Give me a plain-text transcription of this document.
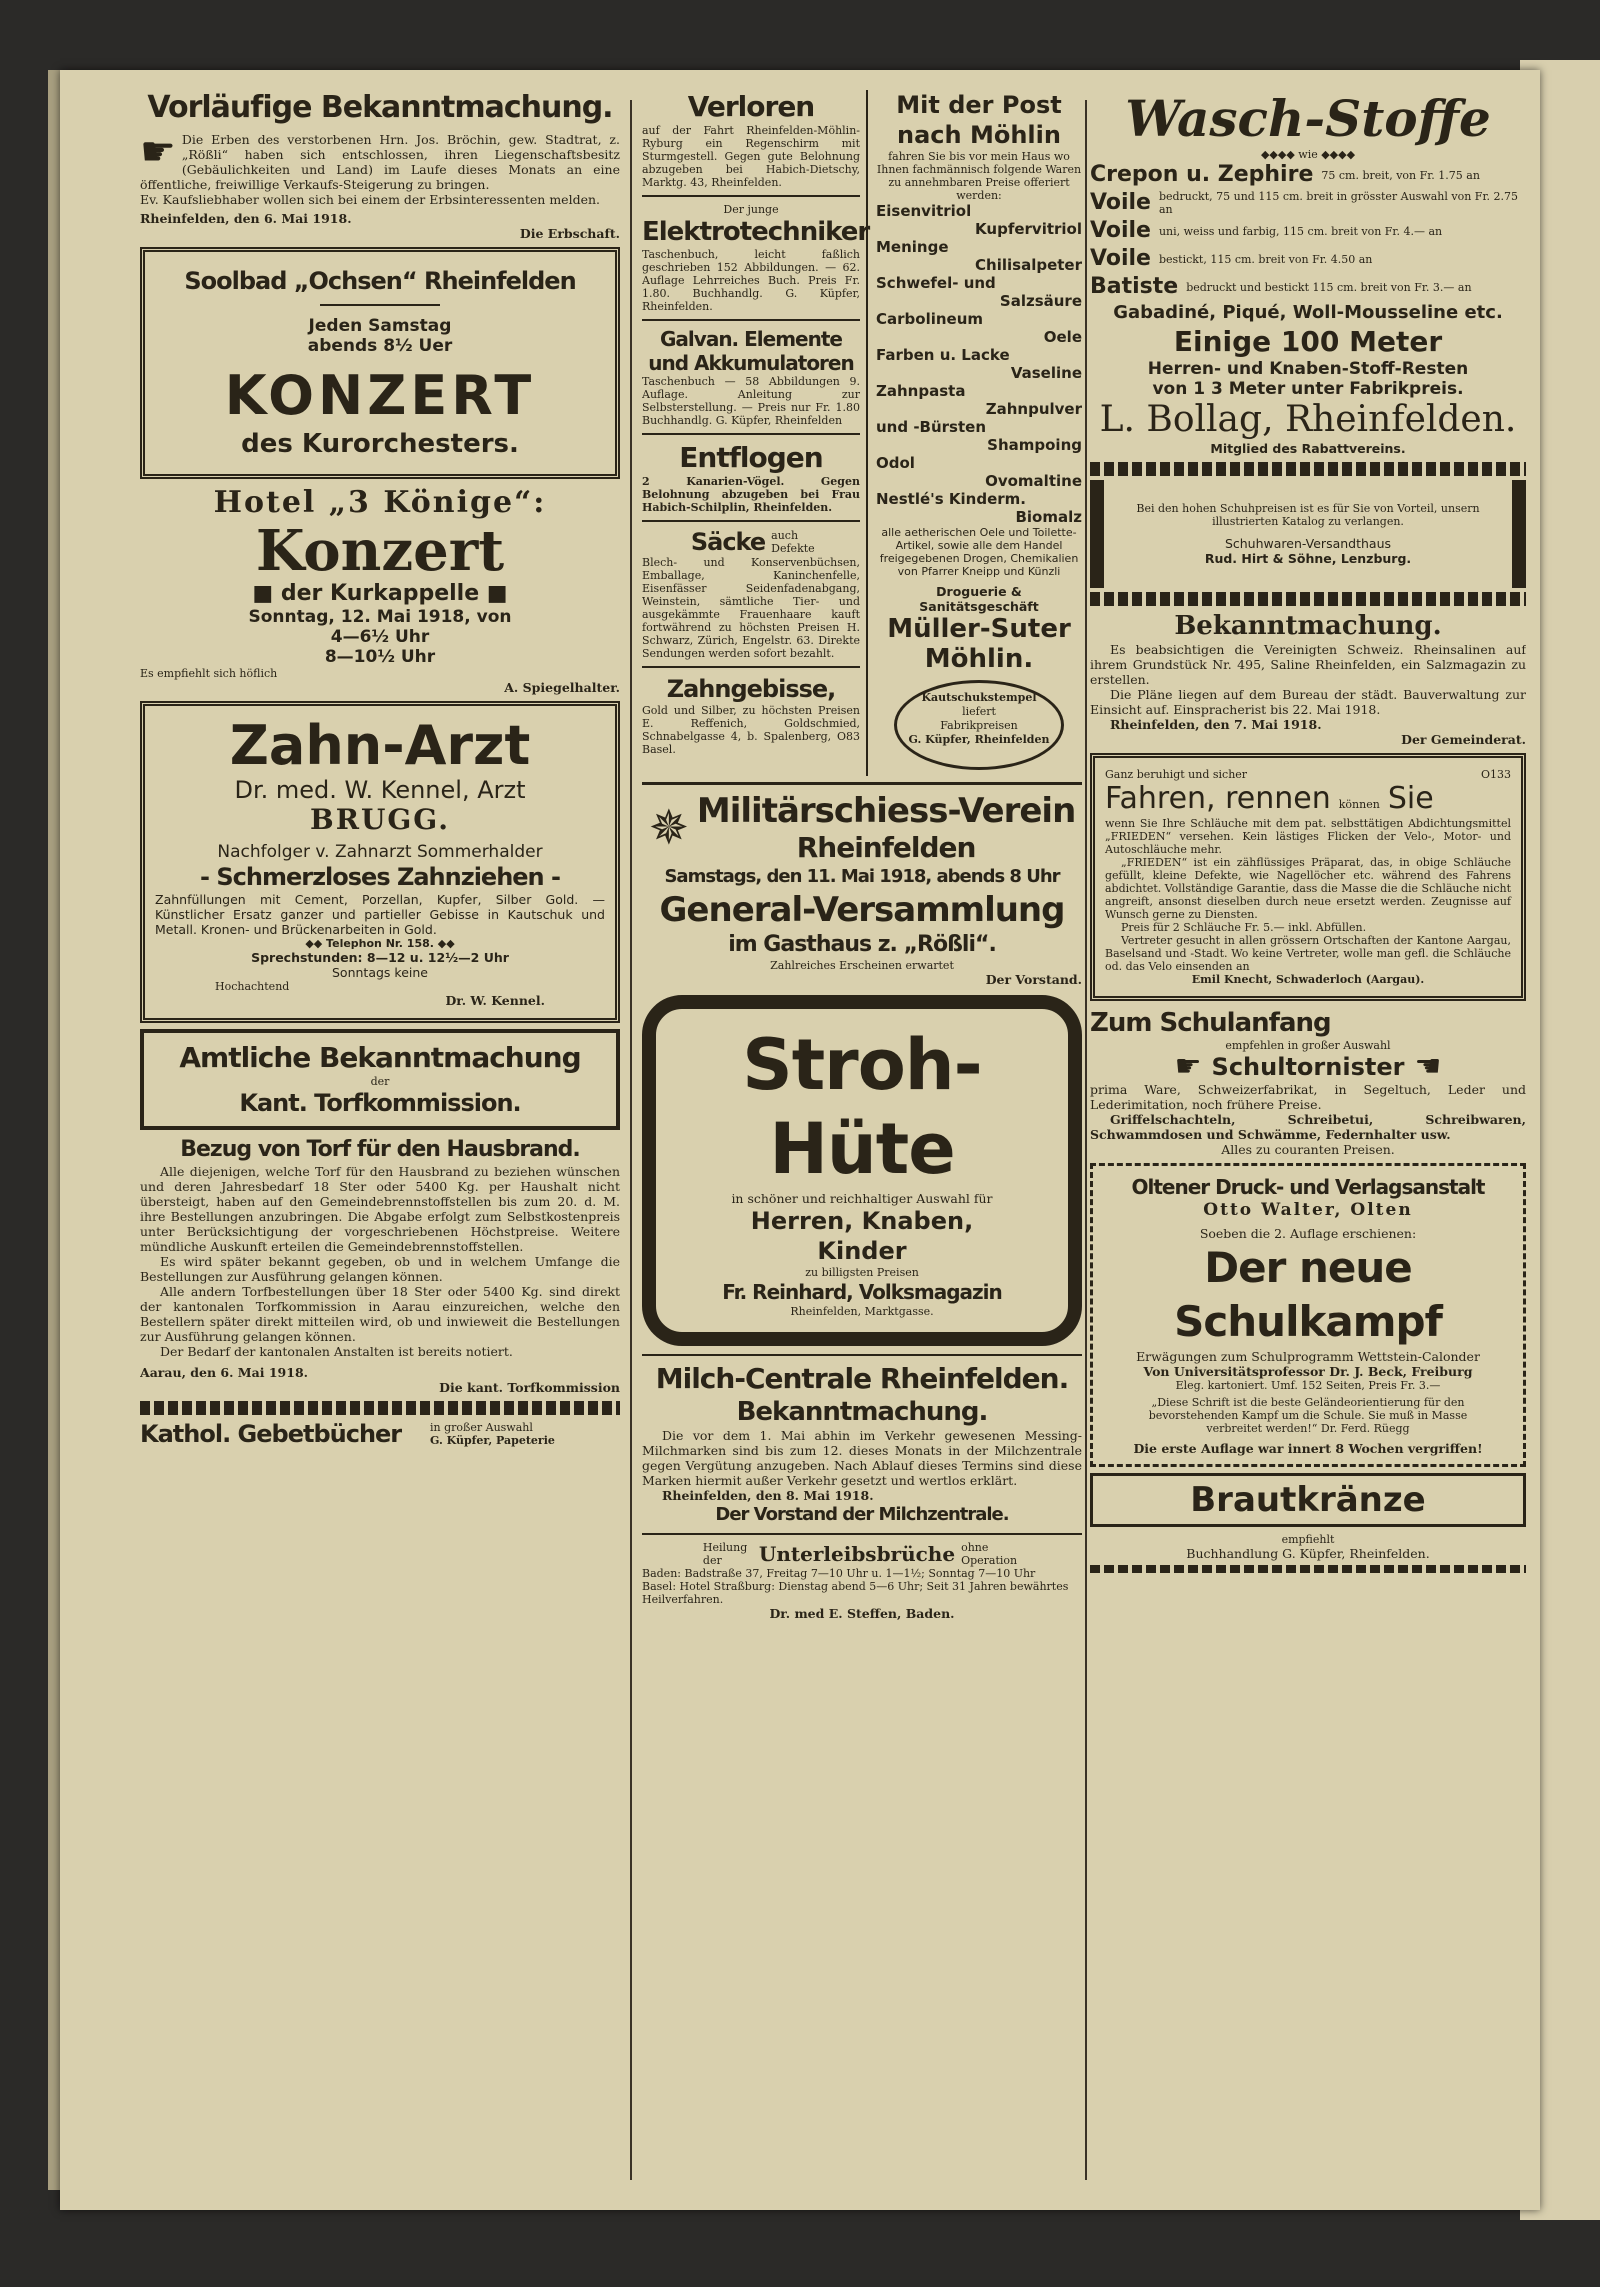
Vorläufige Bekanntmachung.
☛ Die Erben des verstorbenen Hrn. Jos. Bröchin, gew. Stadtrat, z. „Rößli“ haben sich entschlossen, ihren Liegenschaftsbesitz (Gebäulichkeiten und Land) im Laufe dieses Monats an eine öffentliche, freiwillige Verkaufs-Steigerung zu bringen.
Ev. Kaufsliebhaber wollen sich bei einem der Erbsinteressenten melden.
Rheinfelden, den 6. Mai 1918.
Die Erbschaft.
Soolbad „Ochsen“ Rheinfelden
Jeden Samstag
abends 8½ Uer
KONZERT
des Kurorchesters.
Hotel „3 Könige“:
Konzert
■ der Kurkappelle ■
Sonntag, 12. Mai 1918, von
4—6½ Uhr
8—10½ Uhr
Es empfiehlt sich höflich
A. Spiegelhalter.
Zahn-Arzt
Dr. med. W. Kennel, Arzt
BRUGG.
Nachfolger v. Zahnarzt Sommerhalder
- Schmerzloses Zahnziehen -
Zahnfüllungen mit Cement, Porzellan, Kupfer, Silber Gold. — Künstlicher Ersatz ganzer und partieller Gebisse in Kautschuk und Metall. Kronen- und Brückenarbeiten in Gold.
◆◆ Telephon Nr. 158. ◆◆
Sprechstunden: 8—12 u. 12½—2 Uhr
Sonntags keine
Hochachtend
Dr. W. Kennel.
Amtliche Bekanntmachung
der
Kant. Torfkommission.
Bezug von Torf für den Hausbrand.
Alle diejenigen, welche Torf für den Hausbrand zu beziehen wünschen und deren Jahresbedarf 18 Ster oder 5400 Kg. per Haushalt nicht übersteigt, haben auf den Gemeindebrennstoffstellen bis zum 20. d. M. ihre Bestellungen anzubringen. Die Abgabe erfolgt zum Selbstkostenpreis unter Berücksichtigung der vorgeschriebenen Höchstpreise. Weitere mündliche Auskunft erteilen die Gemeindebrennstoffstellen.
Es wird später bekannt gegeben, ob und in welchem Umfange die Bestellungen zur Ausführung gelangen können.
Alle andern Torfbestellungen über 18 Ster oder 5400 Kg. sind direkt der kantonalen Torfkommission in Aarau einzureichen, welche den Bestellern später direkt mitteilen wird, ob und inwieweit die Bestellungen zur Ausführung gelangen können.
Der Bedarf der kantonalen Anstalten ist bereits notiert.
Aarau, den 6. Mai 1918.
Die kant. Torfkommission
Kathol. Gebetbücher	in großer Auswahl
G. Küpfer, Papeterie
Verloren
auf der Fahrt Rheinfelden-Möhlin-Ryburg ein Regenschirm mit Sturmgestell. Gegen gute Belohnung abzugeben bei Habich-Dietschy, Marktg. 43, Rheinfelden.
Der junge
Elektrotechniker
Taschenbuch, leicht faßlich geschrieben 152 Abbildungen. — 62. Auflage Lehrreiches Buch. Preis Fr. 1.80. Buchhandlg. G. Küpfer, Rheinfelden.
Galvan. Elemente und Akkumulatoren
Taschenbuch — 58 Abbildungen 9. Auflage. Anleitung zur Selbsterstellung. — Preis nur Fr. 1.80 Buchhandlg. G. Küpfer, Rheinfelden
Entflogen
2 Kanarien-Vögel. Gegen Belohnung abzugeben bei Frau Habich-Schilplin, Rheinfelden.
Säcke auch Defekte
Blech- und Konservenbüchsen, Emballage, Kaninchenfelle, Eisenfässer Seidenfadenabgang, Weinstein, sämtliche Tier- und ausgekämmte Frauenhaare kauft fortwährend zu höchsten Preisen H. Schwarz, Zürich, Engelstr. 63. Direkte Sendungen werden sofort bezahlt.
Zahngebisse,
Gold und Silber, zu höchsten Preisen E. Reffenich, Goldschmied, Schnabelgasse 4, b. Spalenberg, O83 Basel.
Mit der Post nach Möhlin
fahren Sie bis vor mein Haus wo Ihnen fachmännisch folgende Waren zu annehmbaren Preise offeriert werden:
Eisenvitriol
Kupfervitriol
Meninge
Chilisalpeter
Schwefel- und
Salzsäure
Carbolineum
Oele
Farben u. Lacke
Vaseline
Zahnpasta
Zahnpulver
und -Bürsten
Shampoing
Odol
Ovomaltine
Nestlé's Kinderm.
Biomalz
alle aetherischen Oele und Toilette-Artikel, sowie alle dem Handel freigegebenen Drogen, Chemikalien von Pfarrer Kneipp und Künzli
Droguerie & Sanitätsgeschäft
Müller-Suter
Möhlin.
Kautschukstempel
liefert
Fabrikpreisen
G. Küpfer, Rheinfelden
✵ Militärschiess-Verein
Rheinfelden
Samstags, den 11. Mai 1918, abends 8 Uhr
General-Versammlung
im Gasthaus z. „Rößli“.
Zahlreiches Erscheinen erwartet
Der Vorstand.
Stroh-Hüte
in schöner und reichhaltiger Auswahl für
Herren, Knaben,
Kinder
zu billigsten Preisen
Fr. Reinhard, Volksmagazin
Rheinfelden, Marktgasse.
Milch-Centrale Rheinfelden.
Bekanntmachung.
Die vor dem 1. Mai abhin im Verkehr gewesenen Messing-Milchmarken sind bis zum 12. dieses Monats in der Milchzentrale gegen Vergütung anzugeben. Nach Ablauf dieses Termins sind diese Marken hiermit außer Verkehr gesetzt und wertlos erklärt.
Rheinfelden, den 8. Mai 1918.
Der Vorstand der Milchzentrale.
Heilung der	Unterleibsbrüche ohne Operation
Baden: Badstraße 37, Freitag 7—10 Uhr u. 1—1½; Sonntag 7—10 Uhr
Basel: Hotel Straßburg: Dienstag abend 5—6 Uhr; Seit 31 Jahren bewährtes Heilverfahren.
Dr. med E. Steffen, Baden.
Wasch-Stoffe
◆◆◆◆ wie ◆◆◆◆
Crepon u. Zephire 75 cm. breit, von Fr. 1.75 an
Voile bedruckt, 75 und 115 cm. breit in grösster Auswahl von Fr. 2.75 an
Voile uni, weiss und farbig, 115 cm. breit von Fr. 4.— an
Voile bestickt, 115 cm. breit von Fr. 4.50 an
Batiste bedruckt und bestickt 115 cm. breit von Fr. 3.— an
Gabadiné, Piqué, Woll-Mousseline etc.
Einige 100 Meter
Herren- und Knaben-Stoff-Resten
von 1 3 Meter unter Fabrikpreis.
L. Bollag, Rheinfelden.
Mitglied des Rabattvereins.
Bei den hohen Schuhpreisen ist es für Sie von Vorteil, unsern illustrierten Katalog zu verlangen.
Schuhwaren-Versandthaus
Rud. Hirt & Söhne, Lenzburg.
Bekanntmachung.
Es beabsichtigen die Vereinigten Schweiz. Rheinsalinen auf ihrem Grundstück Nr. 495, Saline Rheinfelden, ein Salzmagazin zu erstellen.
Die Pläne liegen auf dem Bureau der städt. Bauverwaltung zur Einsicht auf. Einspracherist bis 22. Mai 1918.
Rheinfelden, den 7. Mai 1918.
Der Gemeinderat.
Ganz beruhigt und sicher	O133
Fahren, rennen können Sie
wenn Sie Ihre Schläuche mit dem pat. selbsttätigen Abdichtungsmittel „FRIEDEN“ versehen. Kein lästiges Flicken der Velo-, Motor- und Autoschläuche mehr.
„FRIEDEN“ ist ein zähflüssiges Präparat, das, in obige Schläuche gefüllt, kleine Defekte, wie Nagellöcher etc. während des Fahrens abdichtet. Vollständige Garantie, dass die Masse die die Schläuche nicht angreift, ansonst dieselben durch neue ersetzt werden. Zeugnisse auf Wunsch gerne zu Diensten.
Preis für 2 Schläuche Fr. 5.— inkl. Abfüllen.
Vertreter gesucht in allen grössern Ortschaften der Kantone Aargau, Baselsand und -Stadt. Wo keine Vertreter, wolle man gefl. die Schläuche od. das Velo einsenden an
Emil Knecht, Schwaderloch (Aargau).
Zum Schulanfang
empfehlen in großer Auswahl
☛ Schultornister ☚
prima Ware, Schweizerfabrikat, in Segeltuch, Leder und Lederimitation, noch frühere Preise.
Griffelschachteln, Schreibetui, Schreibwaren, Schwammdosen und Schwämme, Federnhalter usw.
Alles zu couranten Preisen.
Oltener Druck- und Verlagsanstalt
Otto Walter, Olten
Soeben die 2. Auflage erschienen:
Der neue Schulkampf
Erwägungen zum Schulprogramm Wettstein-Calonder
Von Universitätsprofessor Dr. J. Beck, Freiburg
Eleg. kartoniert. Umf. 152 Seiten, Preis Fr. 3.—
„Diese Schrift ist die beste Geländeorientierung für den bevorstehenden Kampf um die Schule. Sie muß in Masse verbreitet werden!“ Dr. Ferd. Rüegg
Die erste Auflage war innert 8 Wochen vergriffen!
Brautkränze
empfiehlt
Buchhandlung G. Küpfer, Rheinfelden.
